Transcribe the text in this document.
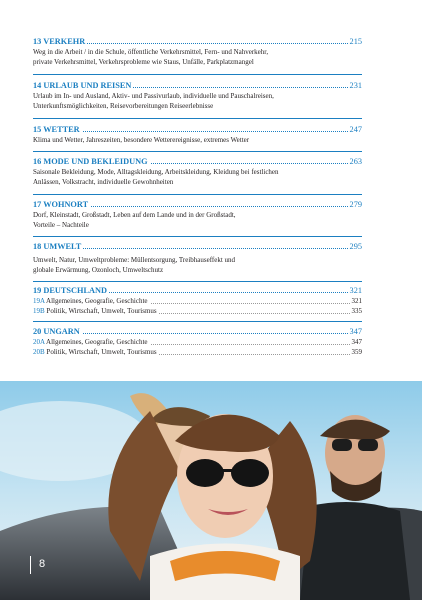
13 VERKEHR	215
Weg in die Arbeit / in die Schule, öffentliche Verkehrsmittel, Fern- und Nahverkehr,
private Verkehrsmittel, Verkehrsprobleme wie Staus, Unfälle, Parkplatzmangel
14 URLAUB UND REISEN	231
Urlaub im In- und Ausland, Aktiv- und Passivurlaub, individuelle und Pauschalreisen,
Unterkunftsmöglichkeiten, Reisevorbereitungen Reiseerlebnisse
15 WETTER	247
Klima und Wetter, Jahreszeiten, besondere Wetterereignisse, extremes Wetter
16 MODE UND BEKLEIDUNG	263
Saisonale Bekleidung, Mode, Alltagskleidung, Arbeitskleidung, Kleidung bei festlichen
Anlässen, Volkstracht, individuelle Gewohnheiten
17 WOHNORT	279
Dorf, Kleinstadt, Großstadt, Leben auf dem Lande und in der Großstadt,
Vorteile – Nachteile
18 UMWELT	295
Umwelt, Natur, Umweltprobleme: Müllentsorgung, Treibhauseffekt und
globale Erwärmung, Ozonloch, Umweltschutz
19 DEUTSCHLAND	321
19A Allgemeines, Geografie, Geschichte	321
19B Politik, Wirtschaft, Umwelt, Tourismus	335
20 UNGARN	347
20A Allgemeines, Geografie, Geschichte	347
20B Politik, Wirtschaft, Umwelt, Tourismus	359
8
